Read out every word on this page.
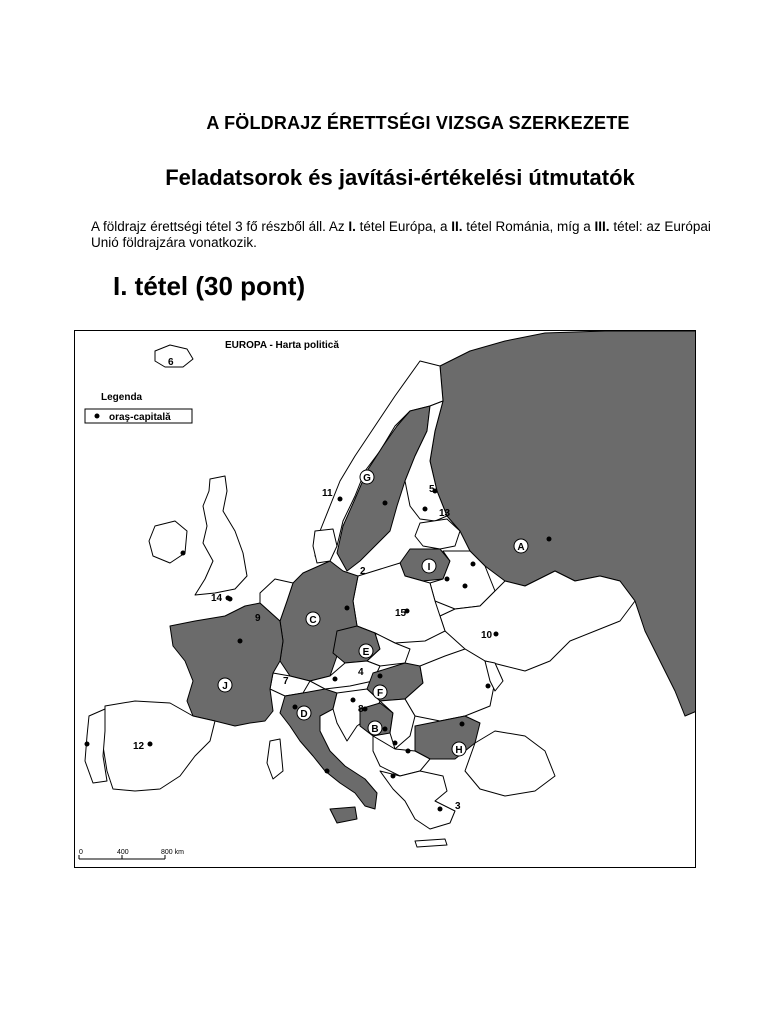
A FÖLDRAJZ ÉRETTSÉGI VIZSGA SZERKEZETE
Feladatsorok és javítási-értékelési útmutatók
A földrajz érettségi tétel 3 fő részből áll. Az I. tétel Európa, a II. tétel Románia, míg a III. tétel: az Európai Unió földrajzára vonatkozik.
I. tétel (30 pont)
EUROPA - Harta politică
Legenda
oraş-capitală
A
B
C
D
E
F
G
H
I
J
6
11	5
13
2
14
15
10
9
4
7
8
12
3
0	400	800 km
